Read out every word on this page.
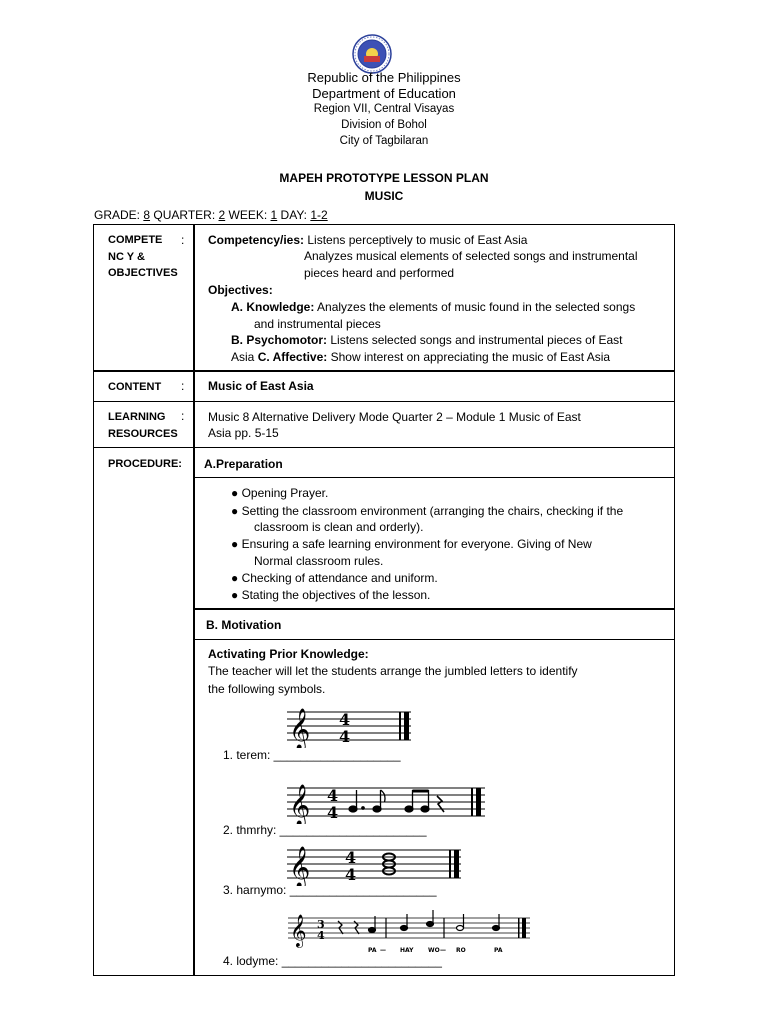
Republic of the Philippines
Department of Education
Region VII, Central Visayas
Division of Bohol
City of Tagbilaran
MAPEH PROTOTYPE LESSON PLAN
MUSIC
GRADE: 8 QUARTER: 2 WEEK: 1 DAY: 1-2
COMPETE
NC Y &
OBJECTIVES
: Competency/ies: Listens perceptively to music of East Asia
Analyzes musical elements of selected songs and instrumental
pieces heard and performed
Objectives:
A. Knowledge: Analyzes the elements of music found in the selected songs
and instrumental pieces
B. Psychomotor: Listens selected songs and instrumental pieces of East
Asia C. Affective: Show interest on appreciating the music of East Asia
CONTENT : Music of East Asia
LEARNING
RESOURCES
: Music 8 Alternative Delivery Mode Quarter 2 – Module 1 Music of East
Asia pp. 5-15
PROCEDURE: A.Preparation
● Opening Prayer.
● Setting the classroom environment (arranging the chairs, checking if the
classroom is clean and orderly).
● Ensuring a safe learning environment for everyone. Giving of New
Normal classroom rules.
● Checking of attendance and uniform.
● Stating the objectives of the lesson.
B. Motivation
Activating Prior Knowledge:
The teacher will let the students arrange the jumbled letters to identify
the following symbols.
𝄞 4
4
1. terem: ___________________
𝄞 4
4
2. thmrhy: ______________________
𝄞 4
4
3. harnymo: ______________________
𝄞 3
4
PA — HAY WO — RO	PA
4. lodyme: ________________________
